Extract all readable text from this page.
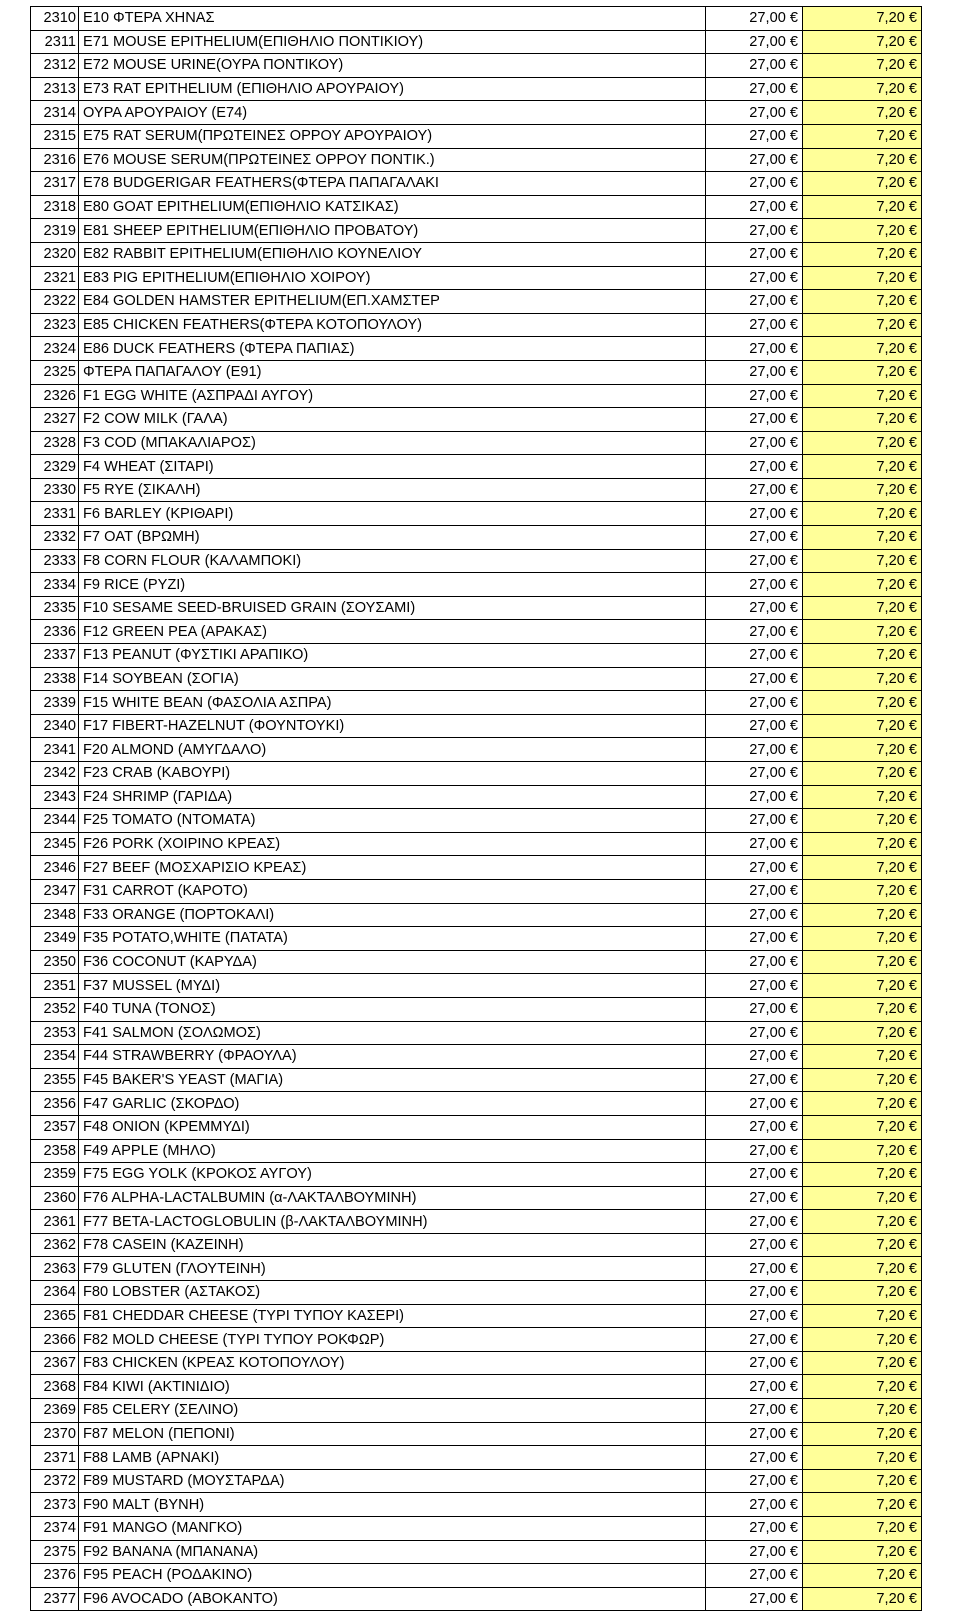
2310	E10 ΦΤΕΡΑ ΧΗΝΑΣ	27,00 €	7,20 €
2311	E71 MOUSE EPITHELIUM(ΕΠΙΘΗΛΙΟ ΠΟΝΤΙΚΙΟΥ)	27,00 €	7,20 €
2312	E72 MOUSE URINE(ΟΥΡΑ ΠΟΝΤΙΚΟΥ)	27,00 €	7,20 €
2313	E73 RAT EPITHELIUM (ΕΠΙΘΗΛΙΟ ΑΡΟΥΡΑΙΟΥ)	27,00 €	7,20 €
2314	ΟΥΡΑ ΑΡΟΥΡΑΙΟΥ (E74)	27,00 €	7,20 €
2315	E75 RAT SERUM(ΠΡΩΤΕΙΝΕΣ ΟΡΡΟΥ ΑΡΟΥΡΑΙΟΥ)	27,00 €	7,20 €
2316	E76 MOUSE SERUM(ΠΡΩΤΕΙΝΕΣ ΟΡΡΟΥ ΠΟΝΤΙΚ.)	27,00 €	7,20 €
2317	E78 BUDGERIGAR FEATHERS(ΦΤΕΡΑ ΠΑΠΑΓΑΛΑΚΙ	27,00 €	7,20 €
2318	E80 GOAT EPITHELIUM(ΕΠΙΘΗΛΙΟ ΚΑΤΣΙΚΑΣ)	27,00 €	7,20 €
2319	E81 SHEEP EPITHELIUM(ΕΠΙΘΗΛΙΟ ΠΡΟΒΑΤΟΥ)	27,00 €	7,20 €
2320	E82 RABBIT EPITHELIUM(ΕΠΙΘΗΛΙΟ ΚΟΥΝΕΛΙΟΥ	27,00 €	7,20 €
2321	E83 PIG EPITHELIUM(ΕΠΙΘΗΛΙΟ ΧΟΙΡΟΥ)	27,00 €	7,20 €
2322	E84 GOLDEN HAMSTER EPITHELIUM(ΕΠ.ΧΑΜΣΤΕΡ	27,00 €	7,20 €
2323	E85 CHICKEN FEATHERS(ΦΤΕΡΑ ΚΟΤΟΠΟΥΛΟΥ)	27,00 €	7,20 €
2324	E86 DUCK FEATHERS (ΦΤΕΡΑ ΠΑΠΙΑΣ)	27,00 €	7,20 €
2325	ΦΤΕΡΑ ΠΑΠΑΓΑΛΟΥ (E91)	27,00 €	7,20 €
2326	F1 EGG WHITE (ΑΣΠΡΑΔΙ ΑΥΓΟΥ)	27,00 €	7,20 €
2327	F2 COW MILK (ΓΑΛΑ)	27,00 €	7,20 €
2328	F3 COD (ΜΠΑΚΑΛΙΑΡΟΣ)	27,00 €	7,20 €
2329	F4 WHEAT (ΣΙΤΑΡΙ)	27,00 €	7,20 €
2330	F5 RYE (ΣΙΚΑΛΗ)	27,00 €	7,20 €
2331	F6 BARLEY (ΚΡΙΘΑΡΙ)	27,00 €	7,20 €
2332	F7 OAT (ΒΡΩΜΗ)	27,00 €	7,20 €
2333	F8 CORN FLOUR (ΚΑΛΑΜΠΟΚΙ)	27,00 €	7,20 €
2334	F9 RICE (ΡΥΖΙ)	27,00 €	7,20 €
2335	F10 SESAME SEED-BRUISED GRAIN (ΣΟΥΣΑΜΙ)	27,00 €	7,20 €
2336	F12 GREEN PEA (ΑΡΑΚΑΣ)	27,00 €	7,20 €
2337	F13 PEANUT (ΦΥΣΤΙΚΙ ΑΡΑΠΙΚΟ)	27,00 €	7,20 €
2338	F14 SOYBEAN (ΣΟΓΙΑ)	27,00 €	7,20 €
2339	F15 WHITE BEAN (ΦΑΣΟΛΙΑ ΑΣΠΡΑ)	27,00 €	7,20 €
2340	F17 FIBERT-HAZELNUT (ΦΟΥΝΤΟΥΚΙ)	27,00 €	7,20 €
2341	F20 ALMOND (ΑΜΥΓΔΑΛΟ)	27,00 €	7,20 €
2342	F23 CRAB (ΚΑΒΟΥΡΙ)	27,00 €	7,20 €
2343	F24 SHRIMP (ΓΑΡΙΔΑ)	27,00 €	7,20 €
2344	F25 TOMATO (ΝΤΟΜΑΤΑ)	27,00 €	7,20 €
2345	F26 PORK (ΧΟΙΡΙΝΟ ΚΡΕΑΣ)	27,00 €	7,20 €
2346	F27 BEEF (ΜΟΣΧΑΡΙΣΙΟ ΚΡΕΑΣ)	27,00 €	7,20 €
2347	F31 CARROT (ΚΑΡΟΤΟ)	27,00 €	7,20 €
2348	F33 ORANGE (ΠΟΡΤΟΚΑΛΙ)	27,00 €	7,20 €
2349	F35 POTATO,WHITE (ΠΑΤΑΤΑ)	27,00 €	7,20 €
2350	F36 COCONUT (ΚΑΡΥΔΑ)	27,00 €	7,20 €
2351	F37 MUSSEL (ΜΥΔΙ)	27,00 €	7,20 €
2352	F40 TUNA (ΤΟΝΟΣ)	27,00 €	7,20 €
2353	F41 SALMON (ΣΟΛΩΜΟΣ)	27,00 €	7,20 €
2354	F44 STRAWBERRY (ΦΡΑΟΥΛΑ)	27,00 €	7,20 €
2355	F45 BAKER'S YEAST (ΜΑΓΙΑ)	27,00 €	7,20 €
2356	F47 GARLIC (ΣΚΟΡΔΟ)	27,00 €	7,20 €
2357	F48 ONION (ΚΡΕΜΜΥΔΙ)	27,00 €	7,20 €
2358	F49 APPLE (ΜΗΛΟ)	27,00 €	7,20 €
2359	F75 EGG YOLK (ΚΡΟΚΟΣ ΑΥΓΟΥ)	27,00 €	7,20 €
2360	F76 ALPHA-LACTALBUMIN (α-ΛΑΚΤΑΛΒΟΥΜΙΝΗ)	27,00 €	7,20 €
2361	F77 BETA-LACTOGLOBULIN (β-ΛΑΚΤΑΛΒΟΥΜΙΝΗ)	27,00 €	7,20 €
2362	F78 CASEIN (ΚΑΖΕΙΝΗ)	27,00 €	7,20 €
2363	F79 GLUTEN (ΓΛΟΥΤΕΙΝΗ)	27,00 €	7,20 €
2364	F80 LOBSTER (ΑΣΤΑΚΟΣ)	27,00 €	7,20 €
2365	F81 CHEDDAR CHEESE (ΤΥΡΙ ΤΥΠΟΥ ΚΑΣΕΡΙ)	27,00 €	7,20 €
2366	F82 MOLD CHEESE (ΤΥΡΙ ΤΥΠΟΥ ΡΟΚΦΩΡ)	27,00 €	7,20 €
2367	F83 CHICKEN (ΚΡΕΑΣ ΚΟΤΟΠΟΥΛΟΥ)	27,00 €	7,20 €
2368	F84 KIWI (ΑΚΤΙΝΙΔΙΟ)	27,00 €	7,20 €
2369	F85 CELERY (ΣΕΛΙΝΟ)	27,00 €	7,20 €
2370	F87 MELON (ΠΕΠΟΝΙ)	27,00 €	7,20 €
2371	F88 LAMB (ΑΡΝΑΚΙ)	27,00 €	7,20 €
2372	F89 MUSTARD (ΜΟΥΣΤΑΡΔΑ)	27,00 €	7,20 €
2373	F90 MALT (ΒΥΝΗ)	27,00 €	7,20 €
2374	F91 MANGO (ΜΑΝΓΚΟ)	27,00 €	7,20 €
2375	F92 BANANA (ΜΠΑΝΑΝΑ)	27,00 €	7,20 €
2376	F95 PEACH (ΡΟΔΑΚΙΝΟ)	27,00 €	7,20 €
2377	F96 AVOCADO (ΑΒΟΚΑΝΤΟ)	27,00 €	7,20 €
